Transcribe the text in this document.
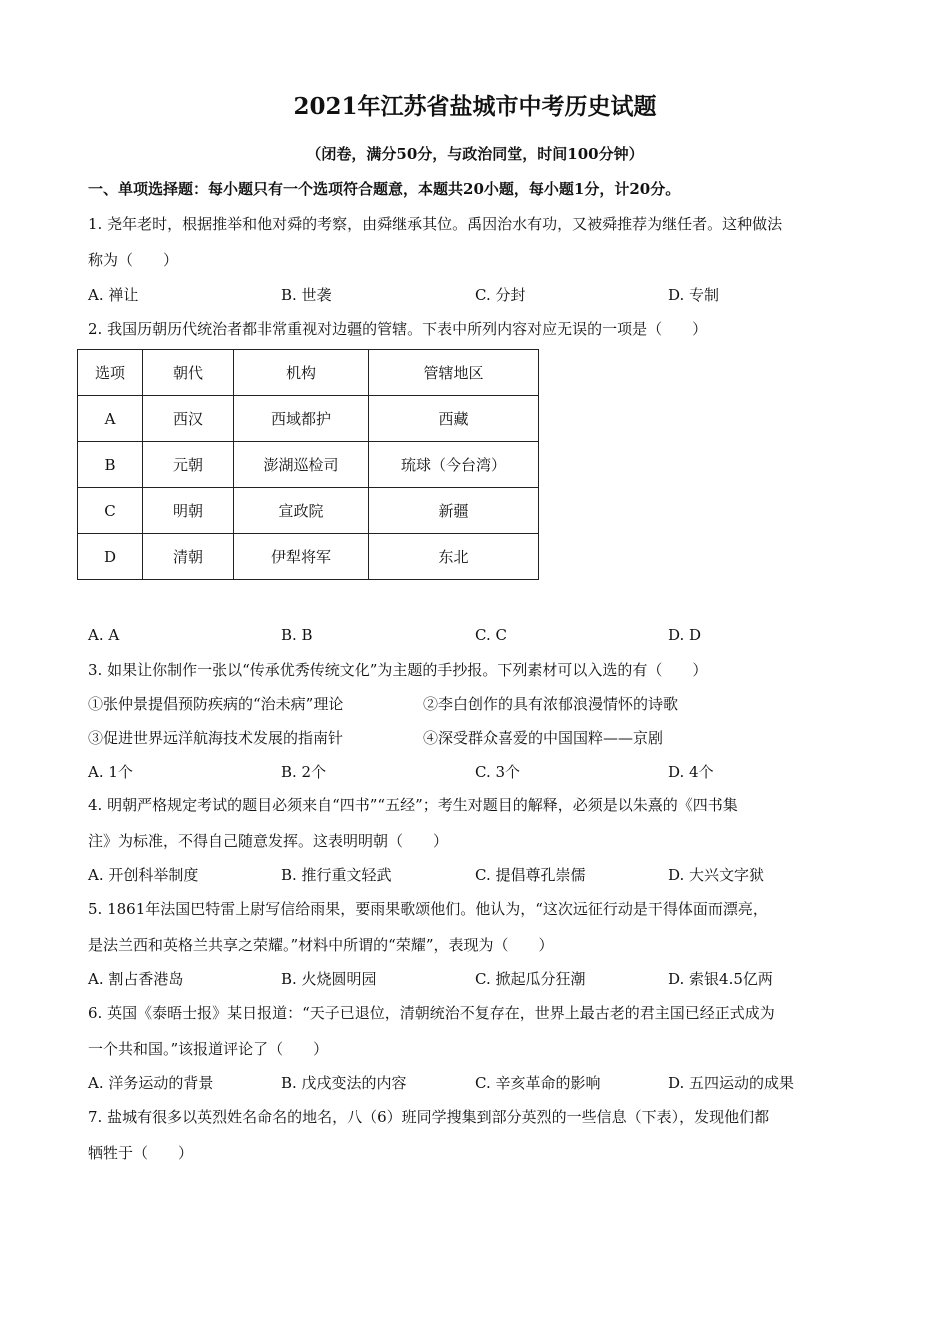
2021年江苏省盐城市中考历史试题
（闭卷，满分50分，与政治同堂，时间100分钟）
一、单项选择题：每小题只有一个选项符合题意，本题共20小题，每小题1分，计20分。
1. 尧年老时，根据推举和他对舜的考察，由舜继承其位。禹因治水有功，又被舜推荐为继任者。这种做法
称为（　　）
A. 禅让	B. 世袭	C. 分封	D. 专制
2. 我国历朝历代统治者都非常重视对边疆的管辖。下表中所列内容对应无误的一项是（　　）
选项	朝代	机构	管辖地区
A	西汉	西域都护	西藏
B	元朝	澎湖巡检司	琉球（今台湾）
C	明朝	宣政院	新疆
D	清朝	伊犁将军	东北
A. A	B. B	C. C	D. D
3. 如果让你制作一张以“传承优秀传统文化”为主题的手抄报。下列素材可以入选的有（　　）
①张仲景提倡预防疾病的“治未病”理论	②李白创作的具有浓郁浪漫情怀的诗歌
③促进世界远洋航海技术发展的指南针	④深受群众喜爱的中国国粹——京剧
A. 1个	B. 2个	C. 3个	D. 4个
4. 明朝严格规定考试的题目必须来自“四书”“五经”；考生对题目的解释，必须是以朱熹的《四书集
注》为标准，不得自己随意发挥。这表明明朝（　　）
A. 开创科举制度	B. 推行重文轻武	C. 提倡尊孔崇儒	D. 大兴文字狱
5. 1861年法国巴特雷上尉写信给雨果，要雨果歌颂他们。他认为，“这次远征行动是干得体面而漂亮，
是法兰西和英格兰共享之荣耀。”材料中所谓的“荣耀”，表现为（　　）
A. 割占香港岛	B. 火烧圆明园	C. 掀起瓜分狂潮	D. 索银4.5亿两
6. 英国《泰晤士报》某日报道：“天子已退位，清朝统治不复存在，世界上最古老的君主国已经正式成为
一个共和国。”该报道评论了（　　）
A. 洋务运动的背景	B. 戊戌变法的内容	C. 辛亥革命的影响	D. 五四运动的成果
7. 盐城有很多以英烈姓名命名的地名，八（6）班同学搜集到部分英烈的一些信息（下表），发现他们都
牺牲于（　　）
